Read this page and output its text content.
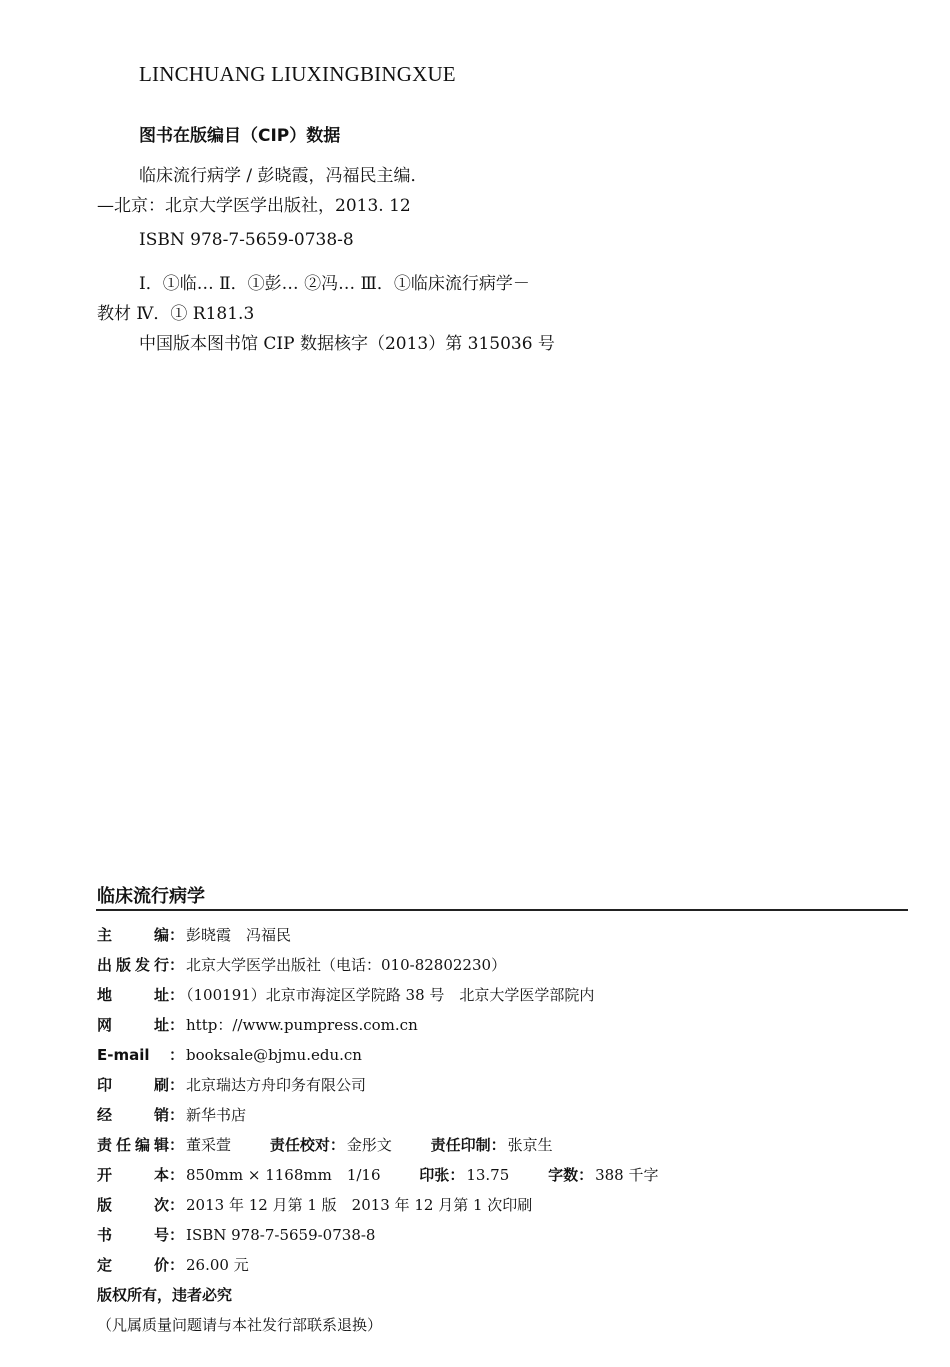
LINCHUANG LIUXINGBINGXUE
图书在版编目（CIP）数据
临床流行病学 / 彭晓霞，冯福民主编．
—北京：北京大学医学出版社，2013. 12
ISBN 978-7-5659-0738-8
Ⅰ．①临… Ⅱ．①彭… ②冯… Ⅲ．①临床流行病学－
教材 Ⅳ．① R181.3
中国版本图书馆 CIP 数据核字（2013）第 315036 号
临床流行病学
主　　编： 彭晓霞　冯福民
出版发行： 北京大学医学出版社（电话：010-82802230）
地　　址： （100191）北京市海淀区学院路 38 号　北京大学医学部院内
网　　址： http：//www.pumpress.com.cn
E-mail ： booksale@bjmu.edu.cn
印　　刷： 北京瑞达方舟印务有限公司
经　　销： 新华书店
责任编辑： 董采萱	责任校对： 金彤文	责任印制： 张京生
开　　本： 850mm × 1168mm　1/16	印张： 13.75	字数： 388 千字
版　　次： 2013 年 12 月第 1 版　2013 年 12 月第 1 次印刷
书　　号： ISBN 978-7-5659-0738-8
定　　价： 26.00 元
版权所有，违者必究
（凡属质量问题请与本社发行部联系退换）
